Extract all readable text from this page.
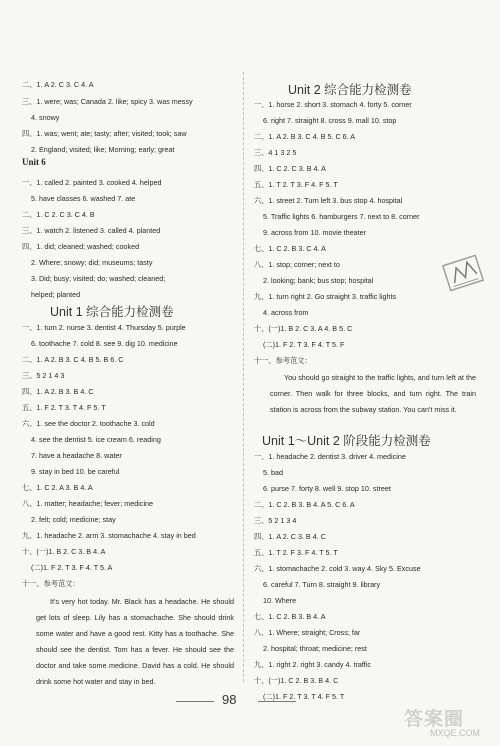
二、1. A 2. C 3. C 4. A
三、1. were; was; Canada 2. like; spicy 3. was messy
4. snowy
四、1. was; went; ate; tasty; after; visited; took; saw
2. England; visited; like; Morning; early; great
一、1. called 2. painted 3. cooked 4. helped
5. have classes 6. washed 7. ate
二、1. C 2. C 3. C 4. B
三、1. watch 2. listened 3. called 4. planted
四、1. did; cleaned; washed; cooked
2. Where; snowy; did; museums; tasty
3. Did; busy; visited; do; washed; cleaned;
helped; planted
一、1. turn 2. nurse 3. dentist 4. Thursday 5. purple
6. toothache 7. cold 8. see 9. dig 10. medicine
二、1. A 2. B 3. C 4. B 5. B 6. C
三、5 2 1 4 3
四、1. A 2. B 3. B 4. C
五、1. F 2. T 3. T 4. F 5. T
六、1. see the doctor 2. toothache 3. cold
4. see the dentist 5. ice cream 6. reading
7. have a headache 8. water
9. stay in bed 10. be careful
七、1. C 2. A 3. B 4. A
八、1. matter; headache; fever; medicine
2. felt; cold; medicine; stay
九、1. headache 2. arm 3. stomachache 4. stay in bed
十、(一)1. B 2. C 3. B 4. A
(二)1. F 2. T 3. F 4. T 5. A
十一、参考范文：
一、1. horse 2. short 3. stomach 4. forty 5. corner
6. right 7. straight 8. cross 9. mall 10. stop
二、1. A 2. B 3. C 4. B 5. C 6. A
三、4 1 3 2 5
四、1. C 2. C 3. B 4. A
五、1. T 2. T 3. F 4. F 5. T
六、1. street 2. Turn left 3. bus stop 4. hospital
5. Traffic lights 6. hamburgers 7. next to 8. corner
9. across from 10. movie theater
七、1. C 2. B 3. C 4. A
八、1. stop; corner; next to
2. looking; bank; bus stop; hospital
九、1. turn right 2. Go straight 3. traffic lights
4. across from
十、(一)1. B 2. C 3. A 4. B 5. C
(二)1. F 2. T 3. F 4. T 5. F
十一、参考范文：
一、1. headache 2. dentist 3. driver 4. medicine
5. bad
6. purse 7. forty 8. well 9. stop 10. street
二、1. C 2. B 3. B 4. A 5. C 6. A
三、5 2 1 3 4
四、1. A 2. C 3. B 4. C
五、1. T 2. F 3. F 4. T 5. T
六、1. stomachache 2. cold 3. way 4. Sky 5. Excuse
6. careful 7. Turn 8. straight 9. library
10. Where
七、1. C 2. B 3. B 4. A
八、1. Where; straight; Cross; far
2. hospital; throat; medicine; rest
九、1. right 2. right 3. candy 4. traffic
十、(一)1. C 2. B 3. B 4. C
(二)1. F 2. T 3. T 4. F 5. T
Unit 6
Unit 1 综合能力检测卷
It's very hot today. Mr. Black has a headache. He should get lots of sleep. Lily has a stomachache. She should drink some water and have a good rest. Kitty has a toothache. She should see the dentist. Tom has a fever. He should see the doctor and take some medicine. David has a cold. He should drink some hot water and stay in bed.
Unit 2 综合能力检测卷
You should go straight to the traffic lights, and turn left at the corner. Then walk for three blocks, and turn right. The train station is across from the subway station. You can't miss it.
Unit 1～Unit 2 阶段能力检测卷
98
答案圈
MXQE.COM
